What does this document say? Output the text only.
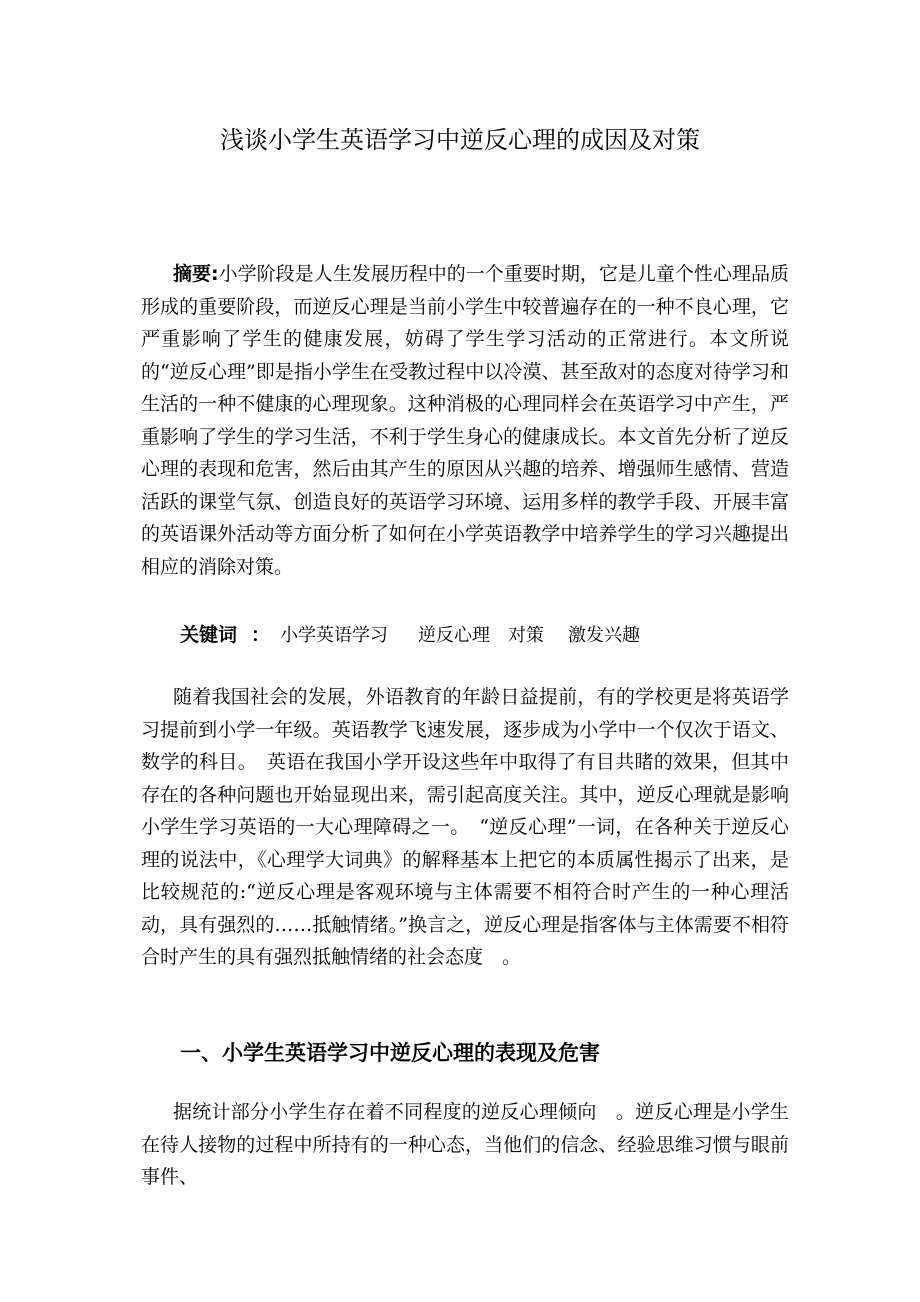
浅谈小学生英语学习中逆反心理的成因及对策
摘要:小学阶段是人生发展历程中的一个重要时期，它是儿童个性心理品质形成的重要阶段，而逆反心理是当前小学生中较普遍存在的一种不良心理，它严重影响了学生的健康发展，妨碍了学生学习活动的正常进行。本文所说的“逆反心理”即是指小学生在受教过程中以冷漠、甚至敌对的态度对待学习和生活的一种不健康的心理现象。这种消极的心理同样会在英语学习中产生，严重影响了学生的学习生活，不利于学生身心的健康成长。本文首先分析了逆反心理的表现和危害，然后由其产生的原因从兴趣的培养、增强师生感情、营造活跃的课堂气氛、创造良好的英语学习环境、运用多样的教学手段、开展丰富的英语课外活动等方面分析了如何在小学英语教学中培养学生的学习兴趣提出相应的消除对策。
关键词 ： 小学英语学习 逆反心理 对策 激发兴趣
随着我国社会的发展，外语教育的年龄日益提前，有的学校更是将英语学习提前到小学一年级。英语教学飞速发展，逐步成为小学中一个仅次于语文、数学的科目。　英语在我国小学开设这些年中取得了有目共睹的效果，但其中存在的各种问题也开始显现出来，需引起高度关注。其中，逆反心理就是影响小学生学习英语的一大心理障碍之一。　“逆反心理”一词，在各种关于逆反心理的说法中，《心理学大词典》的解释基本上把它的本质属性揭示了出来，是比较规范的:“逆反心理是客观环境与主体需要不相符合时产生的一种心理活动，具有强烈的……抵触情绪。”换言之，逆反心理是指客体与主体需要不相符合时产生的具有强烈抵触情绪的社会态度　。
一、小学生英语学习中逆反心理的表现及危害
据统计部分小学生存在着不同程度的逆反心理倾向　。逆反心理是小学生在待人接物的过程中所持有的一种心态，当他们的信念、经验思维习惯与眼前事件、
